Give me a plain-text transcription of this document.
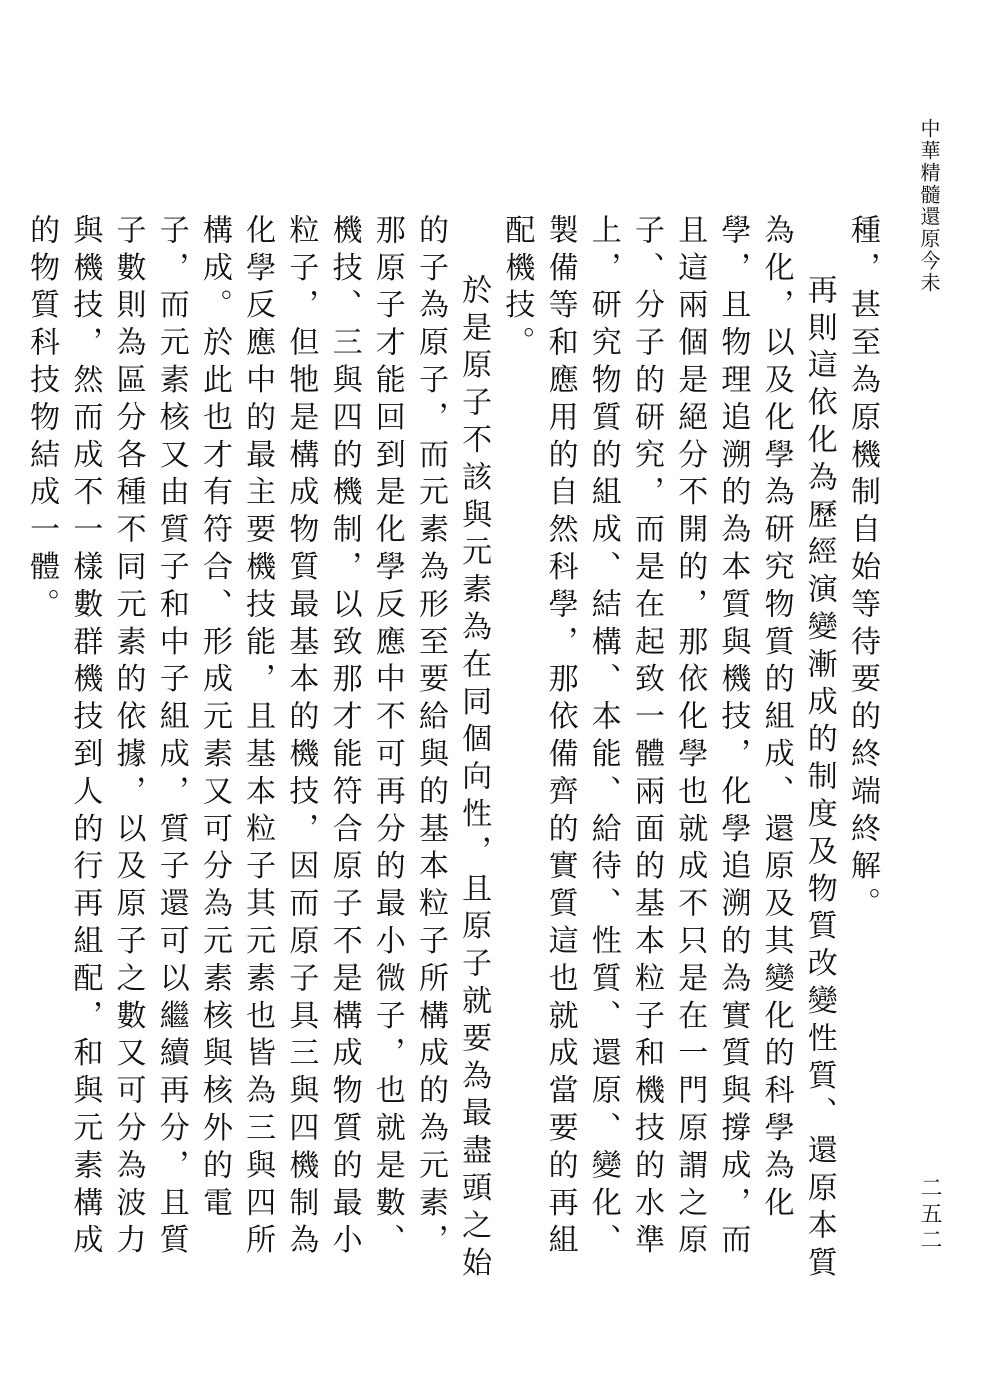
中華精髓還原今未

種，甚至為原機制自始等待要的終端終解。

再則這依化為歷經演變漸成的制度及物質改變性質、還原本質為化，以及化學為研究物質的組成、還原及其變化的科學為化學，且物理追溯的為本質與機技，化學追溯的為實質與撐成，而且這兩個是絕分不開的，那依化學也就成不只是在一門原謂之原子、分子的研究，而是在起致一體兩面的基本粒子和機技的水準上，研究物質的組成、結構、本能、給待、性質、還原、變化、製備等和應用的自然科學，那依備齊的實質這也就成當要的再組配機技。

於是原子不該與元素為在同個向性，且原子就要為最盡頭之始的子為原子，而元素為形至要給與的基本粒子所構成的為元素，那原子才能回到是化學反應中不可再分的最小微子，也就是數、機技、三與四的機制，以致那才能符合原子不是構成物質的最小粒子，但牠是構成物質最基本的機技，因而原子具三與四機制為化學反應中的最主要機技能，且基本粒子其元素也皆為三與四所構成。於此也才有符合、形成元素又可分為元素核與核外的電子，而元素核又由質子和中子組成，質子還可以繼續再分，且質子數則為區分各種不同元素的依據，以及原子之數又可分為波力與機技，然而成不一樣數群機技到人的行再組配，和與元素構成的物質科技物結成一體。

二五二
